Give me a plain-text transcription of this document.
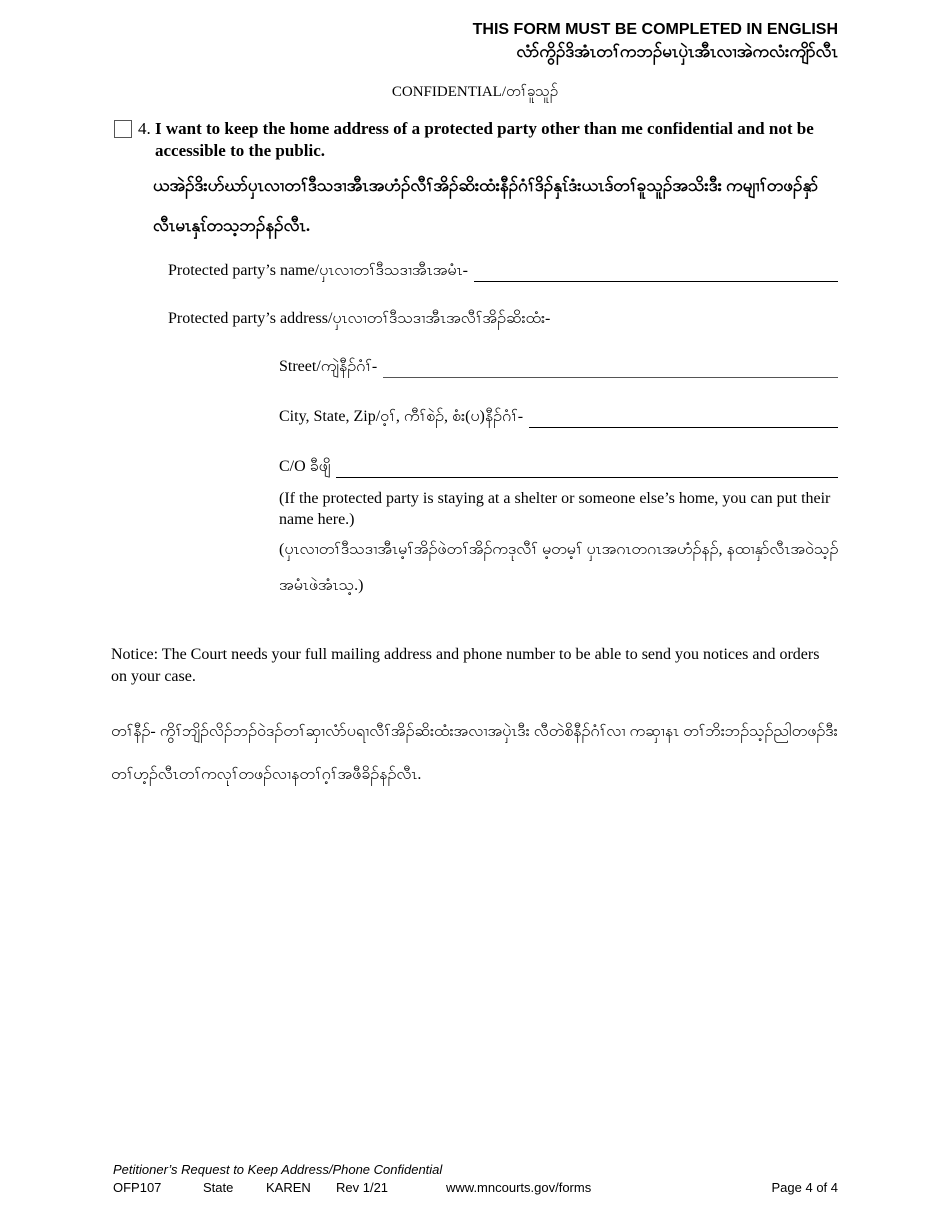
THIS FORM MUST BE COMPLETED IN ENGLISH
လံာ်ကွိၣ်ဒိအံၤတၢ်ကဘၣ်မၤပှဲၤအီၤလၢအဲကလံးကျိာ်လီၤ
CONFIDENTIAL/တၢ်ခူသူၣ်
4. I want to keep the home address of a protected party other than me confidential and not be accessible to the public.
ယအဲၣ်ဒိးဟ်ဃာ်ပှၤလၢတၢ်ဒီသဒၢအီၤအဟံၣ်လီၢ်အိၣ်ဆိးထံးနီၣ်ဂံၢ်ဒိၣ်နှၤ်ဒံးယၤဒ်တၢ်ခူသူၣ်အသိးဒီး ကမျၢၢ်တဖၣ်နှာ်လီၤမၤနှၤ်တသ့ဘၣ်နၣ်လီၤ.
Protected party’s name/ပှၤလၢတၢ်ဒီသဒၢအီၤအမံၤ-
Protected party’s address/ပှၤလၢတၢ်ဒီသဒၢအီၤအလီၢ်အိၣ်ဆိးထံး-
Street/ကျဲနီၣ်ဂံၢ်-
City, State, Zip/ဝ့ၢ်, ကီၢ်စဲၣ်, စံး(ပ)နီၣ်ဂံၢ်-
C/O ခီဖျိ
(If the protected party is staying at a shelter or someone else’s home, you can put their name here.)
(ပှၤလၢတၢ်ဒီသဒၢအီၤမ့ၢ်အိၣ်ဖဲတၢ်အိၣ်ကဒုလီၢ် မ့တမ့ၢ် ပှၤအဂၤတဂၤအဟံၣ်နၣ်, နထၢနှာ်လီၤအဝဲသ့ၣ်အမံၤဖဲအံၤသ့.)
Notice: The Court needs your full mailing address and phone number to be able to send you notices and orders on your case.
တၢ်နီၣ်- ကွိၢ်ဘျိၣ်လိၣ်ဘၣ်ဝဲဒၣ်တၢ်ဆှၢလံာ်ပရၢလီၢ်အိၣ်ဆိးထံးအလၢအပှဲၤဒီး လီတဲစိနီၣ်ဂံၢ်လၢ ကဆှၢနၤ တၢ်ဘိးဘၣ်သ့ၣ်ညါတဖၣ်ဒီးတၢ်ဟ့ၣ်လီၤတၢ်ကလုၢ်တဖၣ်လၢနတၢ်ဂ့ၢ်အဖီခိၣ်နၣ်လီၤ.
Petitioner’s Request to Keep Address/Phone Confidential
OFP107	State	KAREN Rev 1/21	www.mncourts.gov/forms	Page 4 of 4
